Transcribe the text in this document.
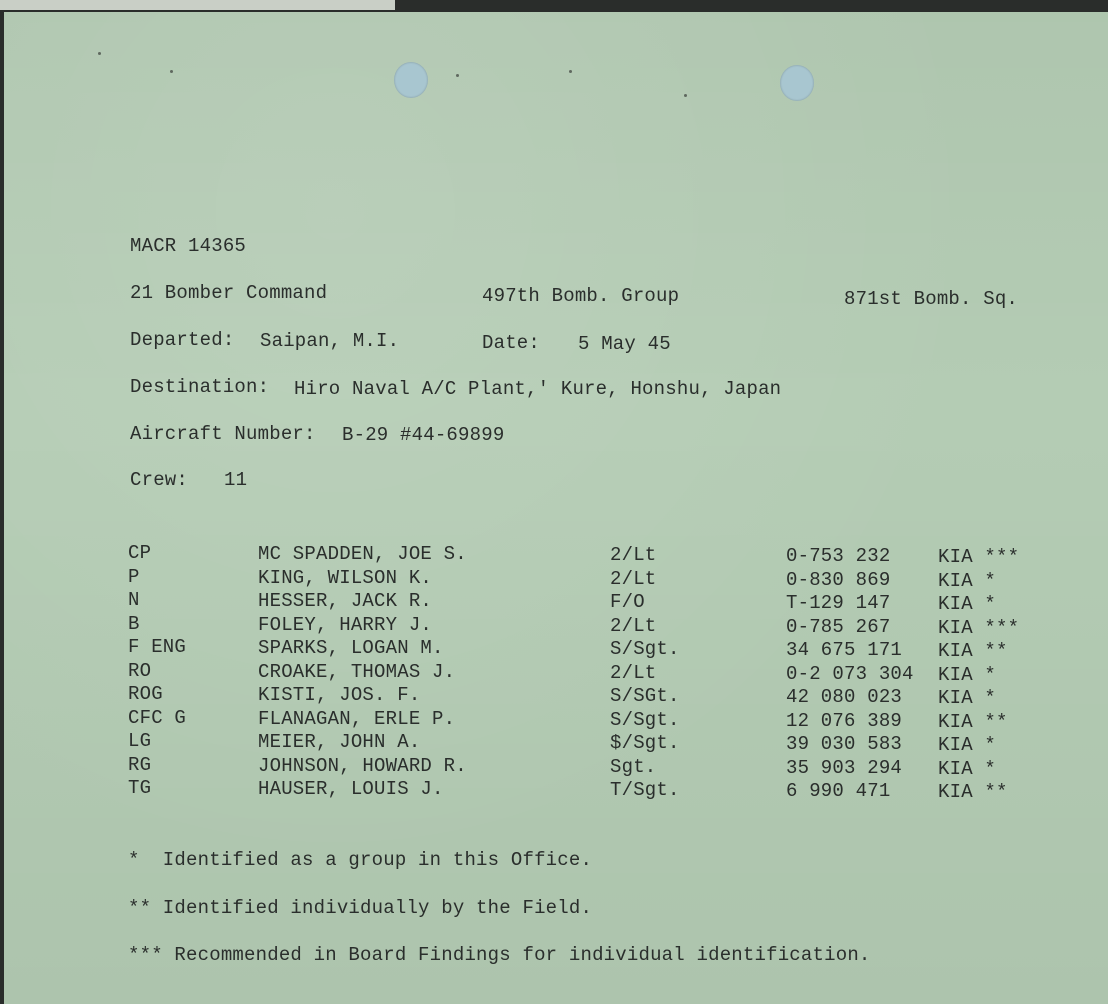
MACR 14365
21 Bomber Command	497th Bomb. Group	871st Bomb. Sq.
Departed: Saipan, M.I.	Date: 5 May 45
Destination: Hiro Naval A/C Plant,' Kure, Honshu, Japan
Aircraft Number: B-29 #44-69899
Crew: 11
CP	MC SPADDEN, JOE S.	2/Lt	0-753 232	KIA ***
P	KING, WILSON K.	2/Lt	0-830 869	KIA *
N	HESSER, JACK R.	F/O	T-129 147	KIA *
B	FOLEY, HARRY J.	2/Lt	0-785 267	KIA ***
F ENG	SPARKS, LOGAN M.	S/Sgt.	34 675 171 KIA **
RO	CROAKE, THOMAS J.	2/Lt	0-2 073 304 KIA *
ROG	KISTI, JOS. F.	S/SGt.	42 080 023 KIA *
CFC G	FLANAGAN, ERLE P.	S/Sgt.	12 076 389 KIA **
LG	MEIER, JOHN A.	$/Sgt.	39 030 583 KIA *
RG	JOHNSON, HOWARD R.	Sgt.	35 903 294 KIA *
TG	HAUSER, LOUIS J.	T/Sgt.	6 990 471	KIA **
*  Identified as a group in this Office.
** Identified individually by the Field.
*** Recommended in Board Findings for individual identification.
